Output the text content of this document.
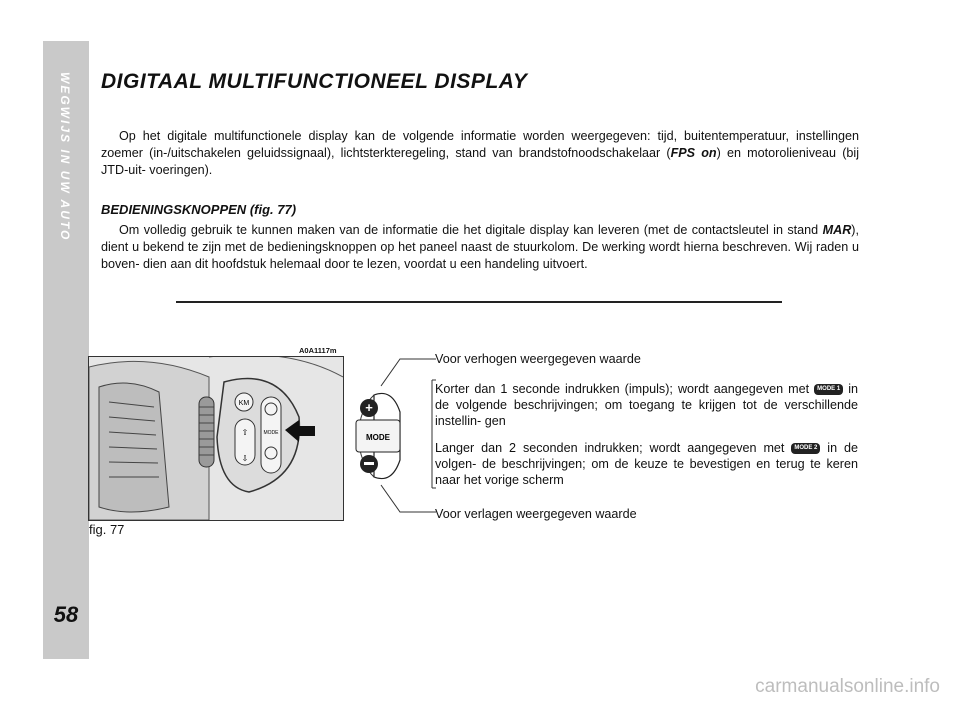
WEGWIJS IN UW AUTO
58
DIGITAAL MULTIFUNCTIONEEL DISPLAY

Op het digitale multifunctionele display kan de volgende informatie worden weergegeven: tijd, buitentemperatuur, instellingen zoemer (in-/uitschakelen geluidssignaal), lichtsterkteregeling, stand van brandstofnoodschakelaar (FPS on) en motorolieniveau (bij JTD-uit- voeringen).

BEDIENINGSKNOPPEN (fig. 77)

Om volledig gebruik te kunnen maken van de informatie die het digitale display kan leveren (met de contactsleutel in stand MAR), dient u bekend te zijn met de bedieningsknoppen op het paneel naast de stuurkolom. De werking wordt hierna beschreven. Wij raden u boven- dien aan dit hoofdstuk helemaal door te lezen, voordat u een handeling uitvoert.

A0A1117m
KM
⇧
⇩
MODE
fig. 77
MODE
+

Voor verhogen weergegeven waarde

Korter dan 1 seconde indrukken (impuls); wordt aangegeven met MODE 1 in de volgende beschrijvingen; om toegang te krijgen tot de verschillende instellin- gen

Langer dan 2 seconden indrukken; wordt aangegeven met MODE 2 in de volgen- de beschrijvingen; om de keuze te bevestigen en terug te keren naar het vorige scherm

Voor verlagen weergegeven waarde

carmanualsonline.info
